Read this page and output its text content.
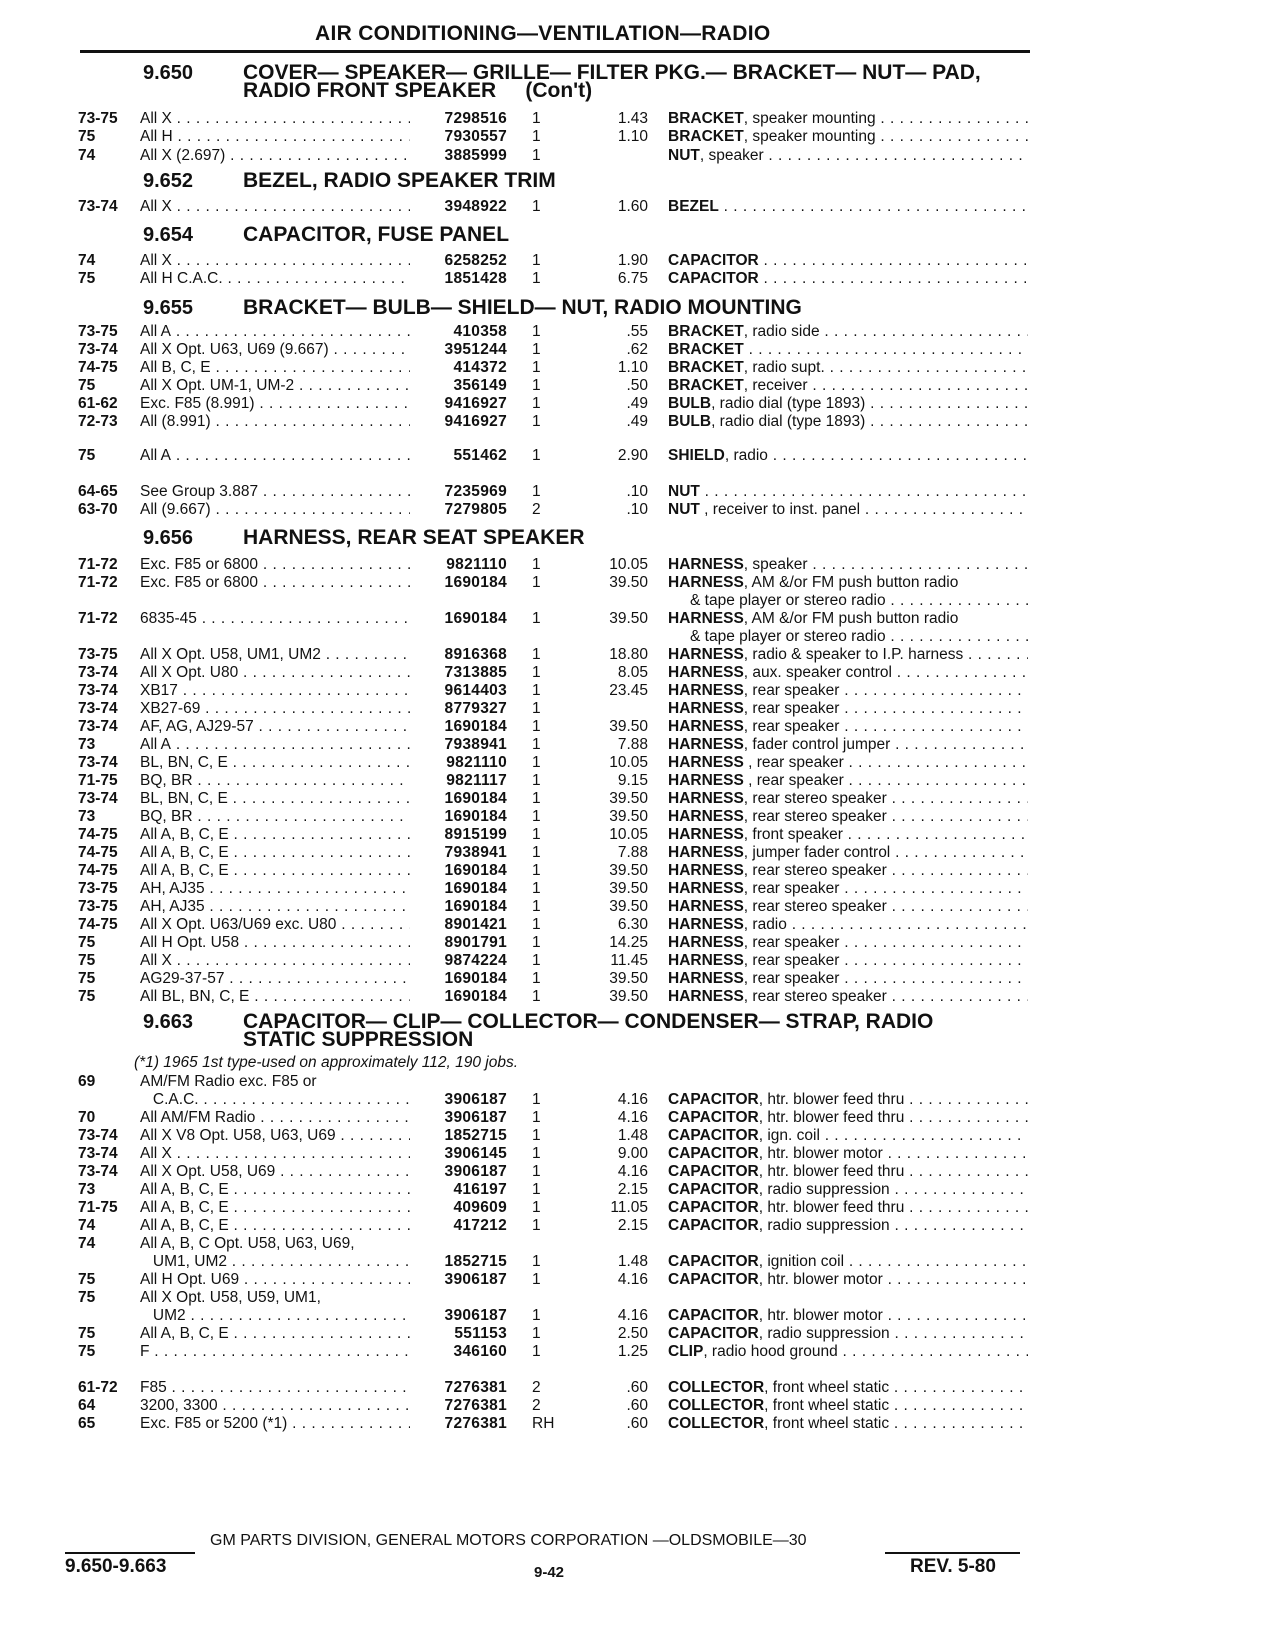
AIR CONDITIONING—VENTILATION—RADIO
9.650 COVER— SPEAKER— GRILLE— FILTER PKG.— BRACKET— NUT— PAD,
RADIO FRONT SPEAKER     (Con't)
73-75	All X . . .	7298516 1	1.43 BRACKET, speaker mounting . . .
75	All H . . .	7930557 1	1.10 BRACKET, speaker mounting . . .
74	All X (2.697) . . .	3885999 1	NUT, speaker . . .
9.652 BEZEL, RADIO SPEAKER TRIM
73-74	All X . . .	3948922 1	1.60 BEZEL . . .
9.654 CAPACITOR, FUSE PANEL
74	All X . . .	6258252 1	1.90 CAPACITOR . . .
75	All H C.A.C. . . .	1851428 1	6.75 CAPACITOR . . .
9.655 BRACKET— BULB— SHIELD— NUT, RADIO MOUNTING
73-75	All A . . .	410358 1	.55 BRACKET, radio side . . .
73-74	All X Opt. U63, U69 (9.667) . . .	3951244 1	.62 BRACKET . . .
74-75	All B, C, E . . .	414372 1	1.10 BRACKET, radio supt. . . .
75	All X Opt. UM-1, UM-2 . . .	356149 1	.50 BRACKET, receiver . . .
61-62	Exc. F85 (8.991) . . .	9416927 1	.49 BULB, radio dial (type 1893) . . .
72-73	All (8.991) . . .	9416927 1	.49 BULB, radio dial (type 1893) . . .
75	All A . . .	551462 1	2.90 SHIELD, radio . . .
64-65	See Group 3.887 . . .	7235969 1	.10 NUT . . .
63-70	All (9.667) . . .	7279805 2	.10 NUT , receiver to inst. panel . . .
9.656 HARNESS, REAR SEAT SPEAKER
71-72	Exc. F85 or 6800 . . .	9821110 1	10.05 HARNESS, speaker . . .
71-72	Exc. F85 or 6800 . . .	1690184 1	39.50 HARNESS, AM &/or FM push button radio
& tape player or stereo radio . . .
71-72	6835-45 . . .	1690184 1	39.50 HARNESS, AM &/or FM push button radio
& tape player or stereo radio . . .
73-75	All X Opt. U58, UM1, UM2 . . .	8916368 1	18.80 HARNESS, radio & speaker to I.P. harness . . .
73-74	All X Opt. U80 . . .	7313885 1	8.05 HARNESS, aux. speaker control . . .
73-74	XB17 . . .	9614403 1	23.45 HARNESS, rear speaker . . .
73-74	XB27-69 . . .	8779327 1	HARNESS, rear speaker . . .
73-74	AF, AG, AJ29-57 . . .	1690184 1	39.50 HARNESS, rear speaker . . .
73	All A . . .	7938941 1	7.88 HARNESS, fader control jumper . . .
73-74	BL, BN, C, E . . .	9821110 1	10.05 HARNESS , rear speaker . . .
71-75	BQ, BR . . .	9821117 1	9.15 HARNESS , rear speaker . . .
73-74	BL, BN, C, E . . .	1690184 1	39.50 HARNESS, rear stereo speaker . . .
73	BQ, BR . . .	1690184 1	39.50 HARNESS, rear stereo speaker . . .
74-75	All A, B, C, E . . .	8915199 1	10.05 HARNESS, front speaker . . .
74-75	All A, B, C, E . . .	7938941 1	7.88 HARNESS, jumper fader control . . .
74-75	All A, B, C, E . . .	1690184 1	39.50 HARNESS, rear stereo speaker . . .
73-75	AH, AJ35 . . .	1690184 1	39.50 HARNESS, rear speaker . . .
73-75	AH, AJ35 . . .	1690184 1	39.50 HARNESS, rear stereo speaker . . .
74-75	All X Opt. U63/U69 exc. U80 . . .	8901421 1	6.30 HARNESS, radio . . .
75	All H Opt. U58 . . .	8901791 1	14.25 HARNESS, rear speaker . . .
75	All X . . .	9874224 1	11.45 HARNESS, rear speaker . . .
75	AG29-37-57 . . .	1690184 1	39.50 HARNESS, rear speaker . . .
75	All BL, BN, C, E . . .	1690184 1	39.50 HARNESS, rear stereo speaker . . .
9.663 CAPACITOR— CLIP— COLLECTOR— CONDENSER— STRAP, RADIO
STATIC SUPPRESSION
(*1) 1965 1st type-used on approximately 112, 190 jobs.
69	AM/FM Radio exc. F85 or
C.A.C. . . .	3906187 1	4.16 CAPACITOR, htr. blower feed thru . . .
70	All AM/FM Radio . . .	3906187 1	4.16 CAPACITOR, htr. blower feed thru . . .
73-74	All X V8 Opt. U58, U63, U69 . . .	1852715 1	1.48 CAPACITOR, ign. coil . . .
73-74	All X . . .	3906145 1	9.00 CAPACITOR, htr. blower motor . . .
73-74	All X Opt. U58, U69 . . .	3906187 1	4.16 CAPACITOR, htr. blower feed thru . . .
73	All A, B, C, E . . .	416197 1	2.15 CAPACITOR, radio suppression . . .
71-75	All A, B, C, E . . .	409609 1	11.05 CAPACITOR, htr. blower feed thru . . .
74	All A, B, C, E . . .	417212 1	2.15 CAPACITOR, radio suppression . . .
74	All A, B, C Opt. U58, U63, U69,
UM1, UM2 . . .	1852715 1	1.48 CAPACITOR, ignition coil . . .
75	All H Opt. U69 . . .	3906187 1	4.16 CAPACITOR, htr. blower motor . . .
75	All X Opt. U58, U59, UM1,
UM2 . . .	3906187 1	4.16 CAPACITOR, htr. blower motor . . .
75	All A, B, C, E . . .	551153 1	2.50 CAPACITOR, radio suppression . . .
75	F . . .	346160 1	1.25 CLIP, radio hood ground . . .
61-72	F85 . . .	7276381 2	.60 COLLECTOR, front wheel static . . .
64	3200, 3300 . . .	7276381 2	.60 COLLECTOR, front wheel static . . .
65	Exc. F85 or 5200 (*1) . . .	7276381 RH	.60 COLLECTOR, front wheel static . . .
GM PARTS DIVISION, GENERAL MOTORS CORPORATION —OLDSMOBILE—30
9.650-9.663	9-42	REV. 5-80
